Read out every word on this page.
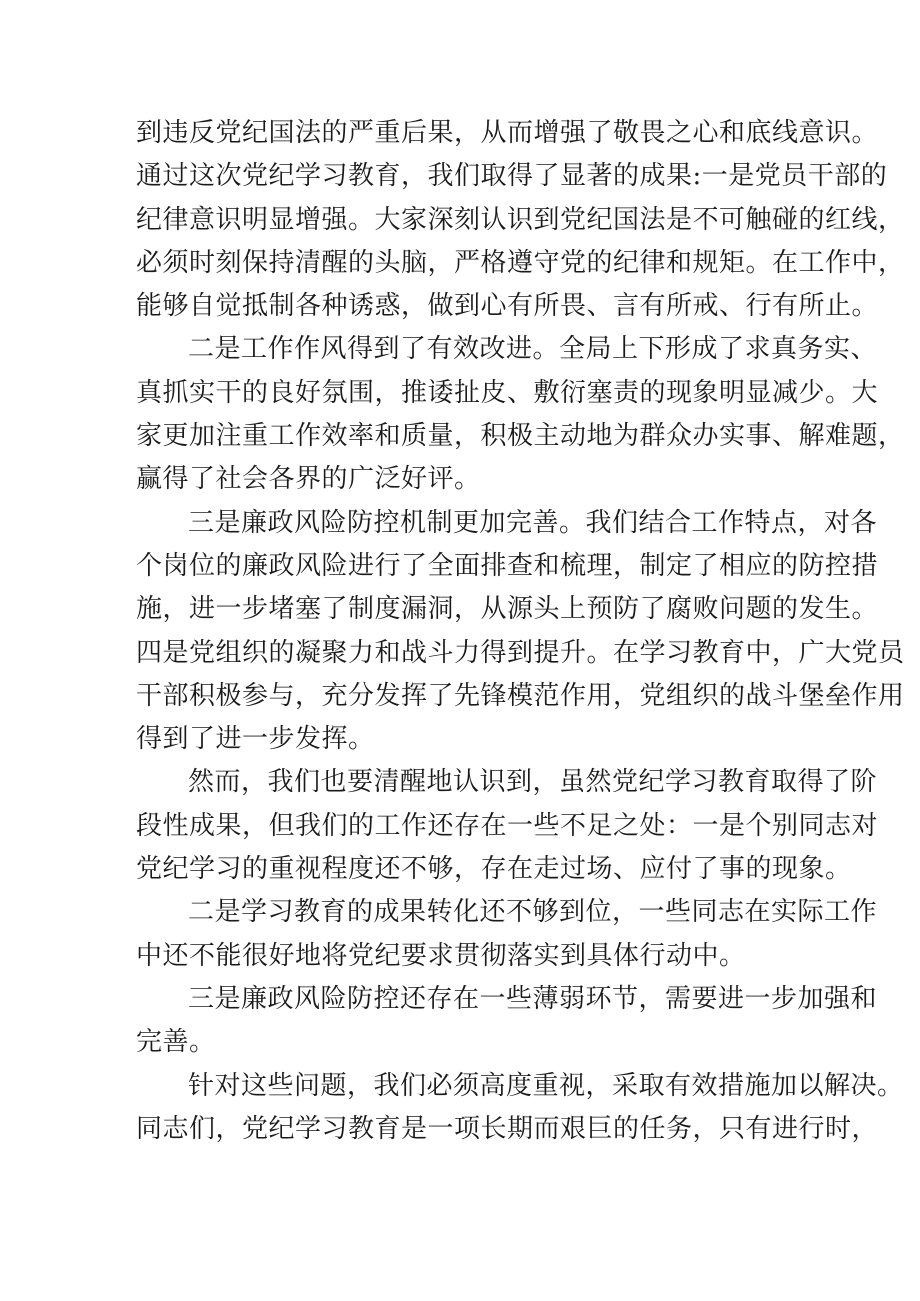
到违反党纪国法的严重后果，从而增强了敬畏之心和底线意识。
通过这次党纪学习教育，我们取得了显著的成果:一是党员干部的
纪律意识明显增强。大家深刻认识到党纪国法是不可触碰的红线，
必须时刻保持清醒的头脑，严格遵守党的纪律和规矩。在工作中，
能够自觉抵制各种诱惑，做到心有所畏、言有所戒、行有所止。
二是工作作风得到了有效改进。全局上下形成了求真务实、
真抓实干的良好氛围，推诿扯皮、敷衍塞责的现象明显减少。大
家更加注重工作效率和质量，积极主动地为群众办实事、解难题，
赢得了社会各界的广泛好评。
三是廉政风险防控机制更加完善。我们结合工作特点，对各
个岗位的廉政风险进行了全面排查和梳理，制定了相应的防控措
施，进一步堵塞了制度漏洞，从源头上预防了腐败问题的发生。
四是党组织的凝聚力和战斗力得到提升。在学习教育中，广大党员
干部积极参与，充分发挥了先锋模范作用，党组织的战斗堡垒作用
得到了进一步发挥。
然而，我们也要清醒地认识到，虽然党纪学习教育取得了阶
段性成果，但我们的工作还存在一些不足之处：一是个别同志对
党纪学习的重视程度还不够，存在走过场、应付了事的现象。
二是学习教育的成果转化还不够到位，一些同志在实际工作
中还不能很好地将党纪要求贯彻落实到具体行动中。
三是廉政风险防控还存在一些薄弱环节，需要进一步加强和
完善。
针对这些问题，我们必须高度重视，采取有效措施加以解决。
同志们，党纪学习教育是一项长期而艰巨的任务，只有进行时，
